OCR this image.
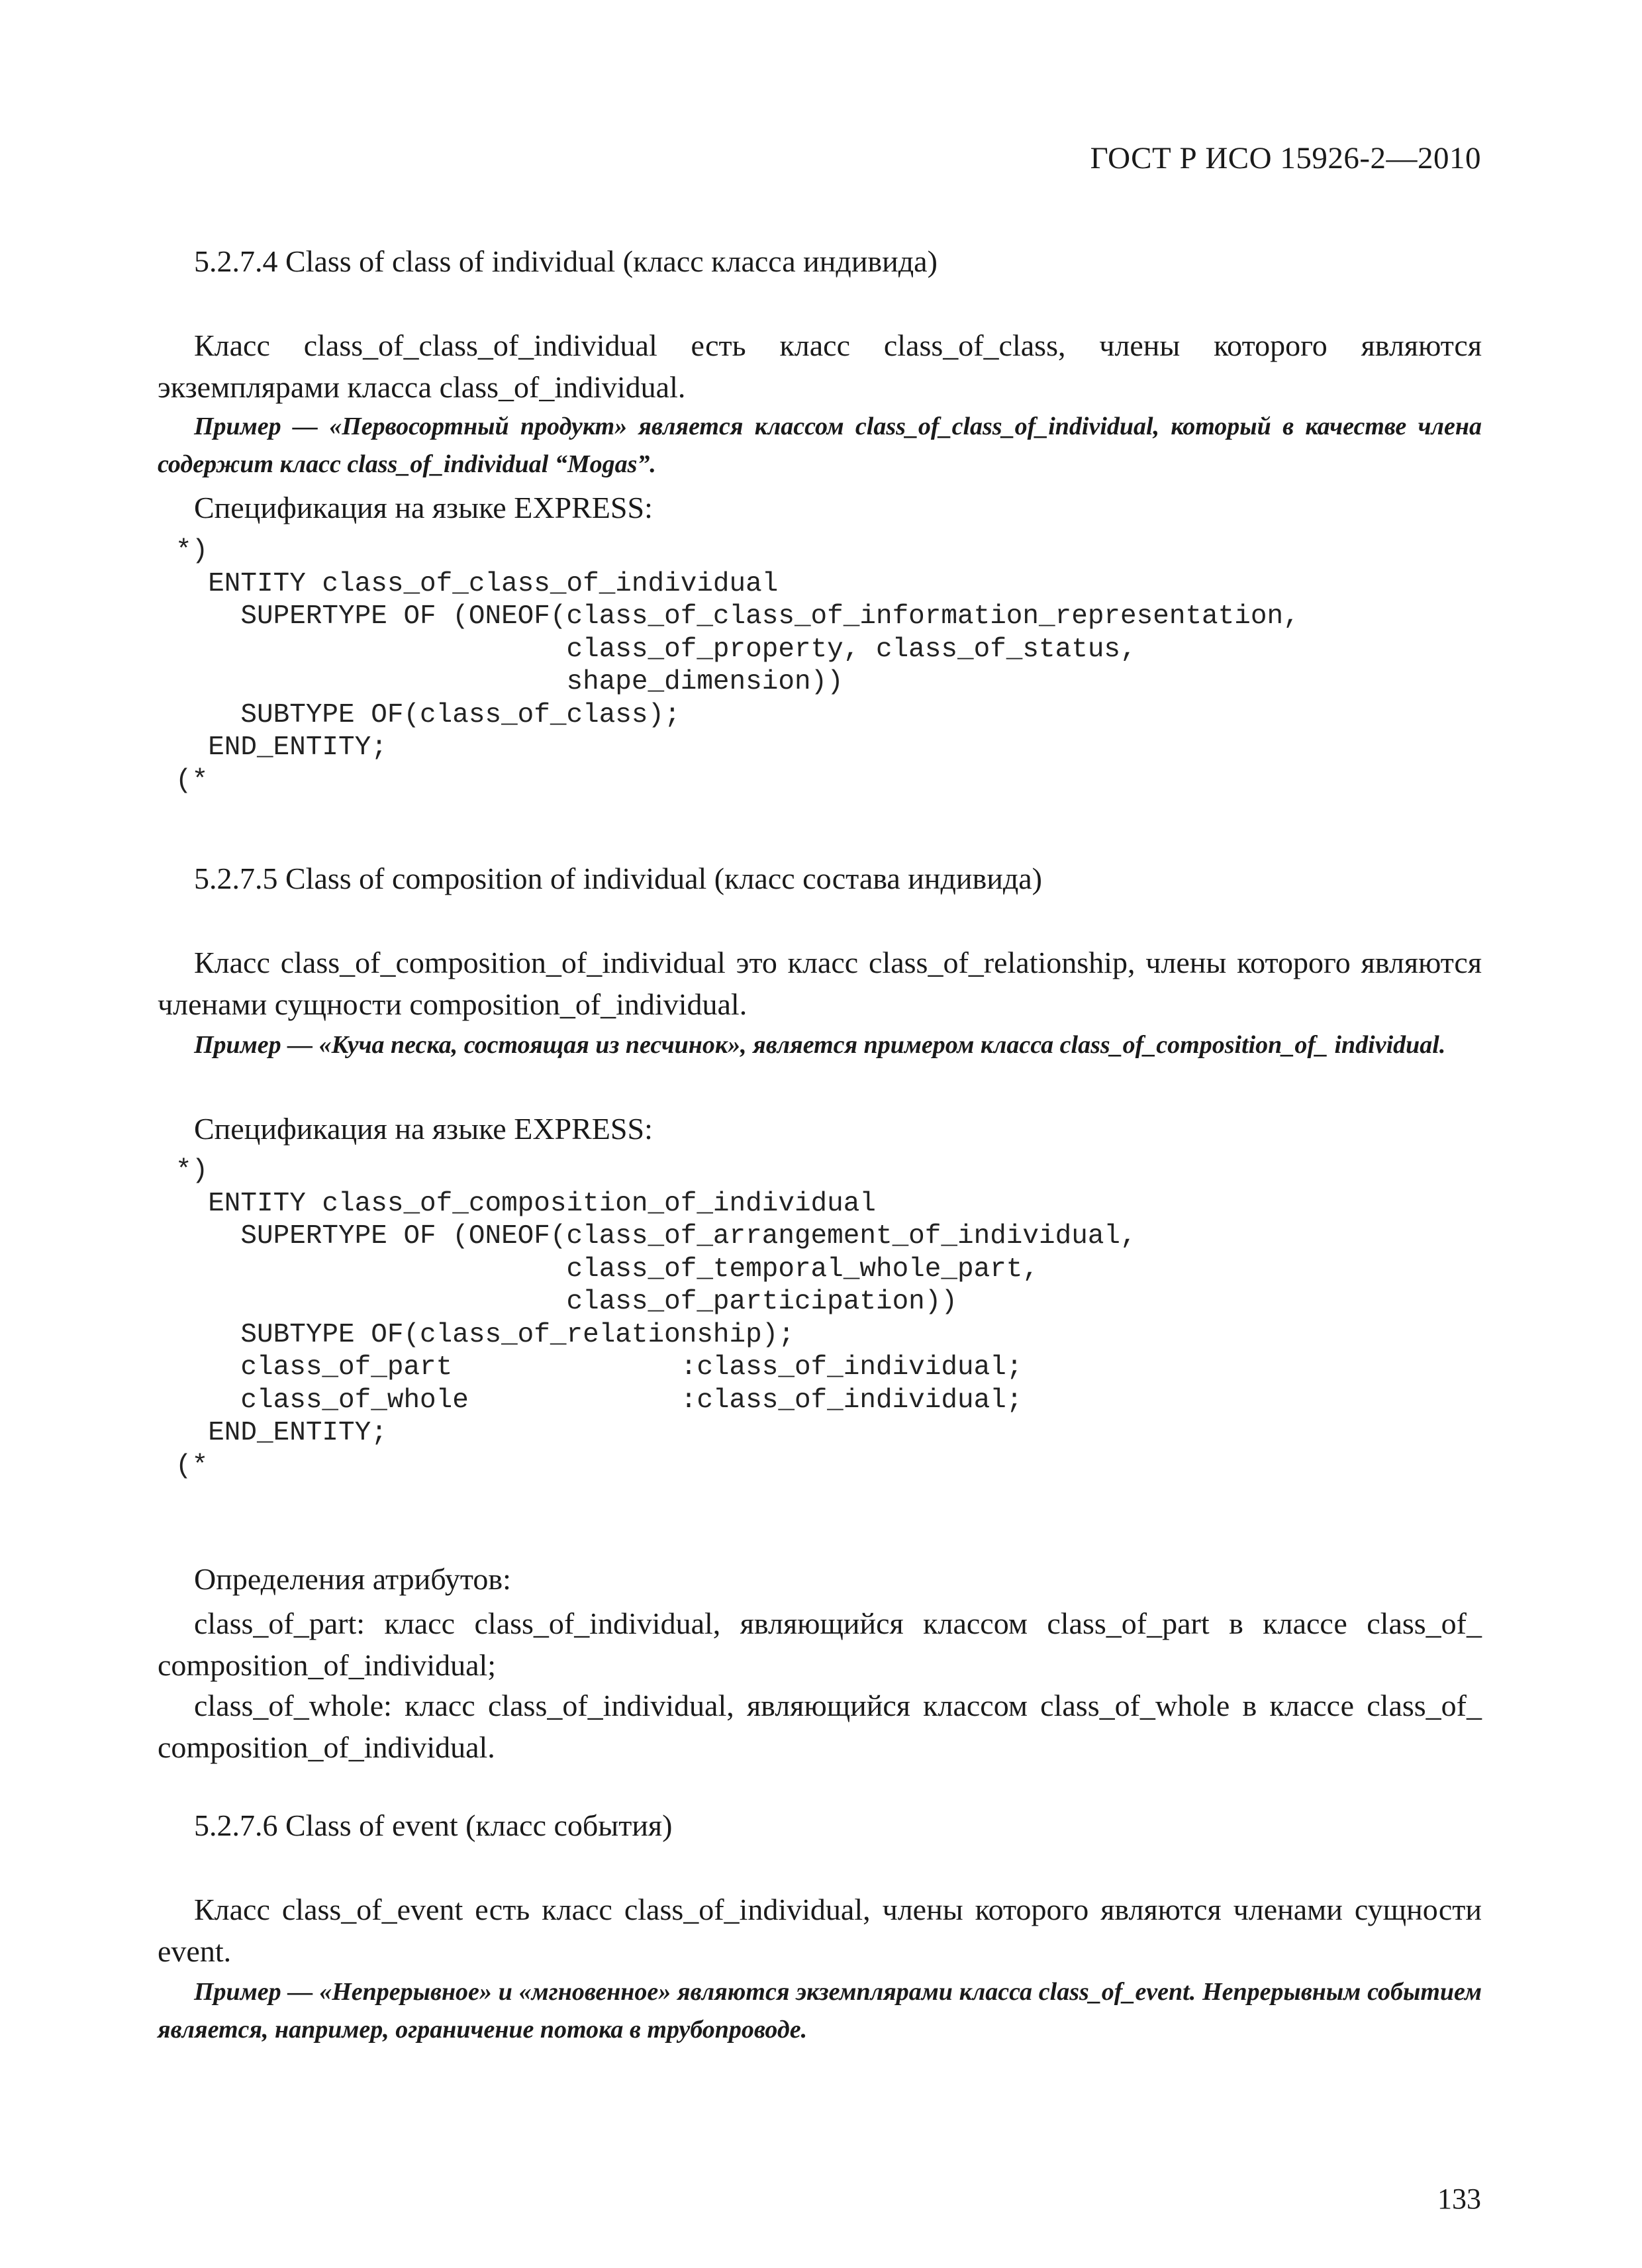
ГОСТ Р ИСО 15926-2—2010
5.2.7.4 Class of class of individual (класс класса индивида)
Класс class_of_class_of_individual есть класс class_of_class, члены которого являются экземплярами класса class_of_individual.
Пример — «Первосортный продукт» является классом class_of_class_of_individual, который в качестве члена содержит класс class_of_individual “Mogas”.
Спецификация на языке EXPRESS:
*)
ENTITY class_of_class_of_individual
SUPERTYPE OF (ONEOF(class_of_class_of_information_representation,
class_of_property, class_of_status,
shape_dimension))
SUBTYPE OF(class_of_class);
END_ENTITY;
(*
5.2.7.5 Class of composition of individual (класс состава индивида)
Класс class_of_composition_of_individual это класс class_of_relationship, члены которого являются членами сущности composition_of_individual.
Пример — «Куча песка, состоящая из песчинок», является примером класса class_of_composition_of_ individual.
Спецификация на языке EXPRESS:
*)
ENTITY class_of_composition_of_individual
SUPERTYPE OF (ONEOF(class_of_arrangement_of_individual,
class_of_temporal_whole_part,
class_of_participation))
SUBTYPE OF(class_of_relationship);
class_of_part              :class_of_individual;
class_of_whole             :class_of_individual;
END_ENTITY;
(*
Определения атрибутов:
class_of_part: класс class_of_individual, являющийся классом class_of_part в классе class_of_ composition_of_individual;
class_of_whole: класс class_of_individual, являющийся классом class_of_whole в классе class_of_ composition_of_individual.
5.2.7.6 Class of event (класс события)
Класс class_of_event есть класс class_of_individual, члены которого являются членами сущности event.
Пример — «Непрерывное» и «мгновенное» являются экземплярами класса class_of_event. Непрерывным событием является, например, ограничение потока в трубопроводе.
133
